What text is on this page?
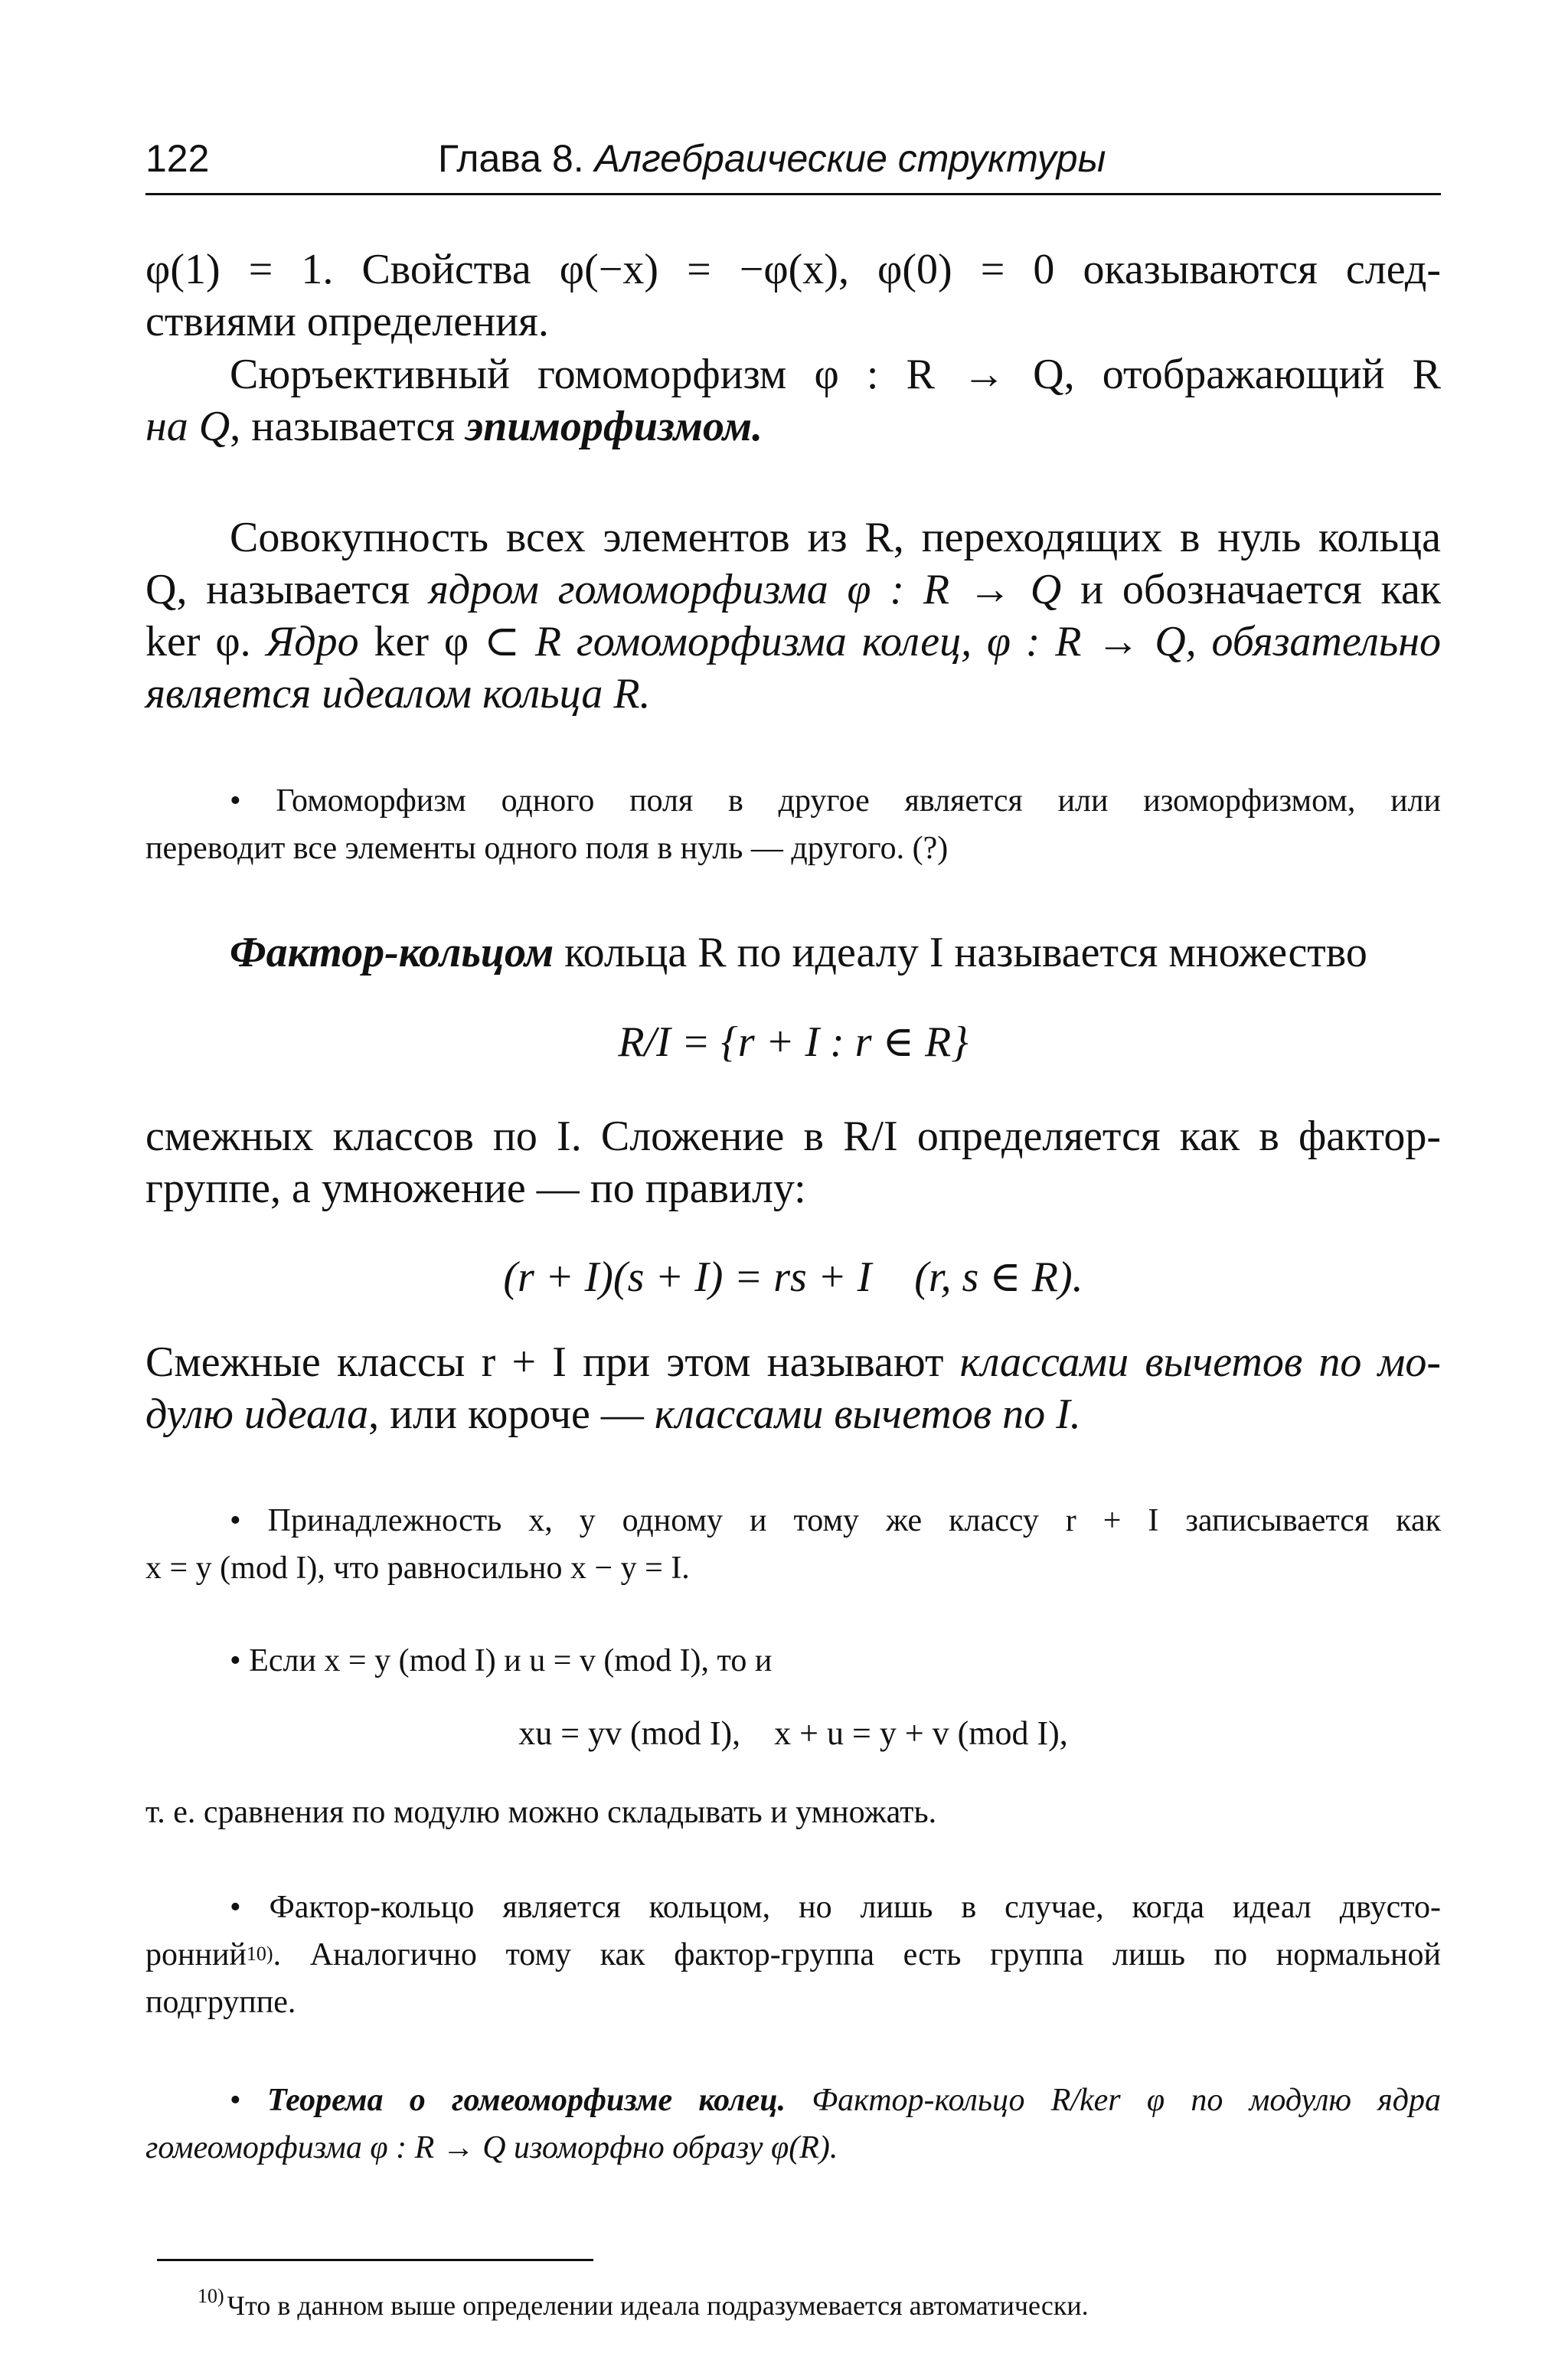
122	Глава 8. Алгебраические структуры
φ(1) = 1. Свойства φ(−x) = −φ(x), φ(0) = 0 оказываются след-
ствиями определения.
Сюръективный гомоморфизм φ : R → Q, отображающий R
на Q, называется эпиморфизмом.
Совокупность всех элементов из R, переходящих в нуль кольца
Q, называется ядром гомоморфизма φ : R → Q и обозначается как
ker φ. Ядро ker φ ⊂ R гомоморфизма колец, φ : R → Q, обязательно
является идеалом кольца R.
• Гомоморфизм одного поля в другое является или изоморфизмом, или
переводит все элементы одного поля в нуль — другого. (?)
Фактор-кольцом кольца R по идеалу I называется множество
R/I = {r + I : r ∈ R}
смежных классов по I. Сложение в R/I определяется как в фактор-
группе, а умножение — по правилу:
(r + I)(s + I) = rs + I    (r, s ∈ R).
Смежные классы r + I при этом называют классами вычетов по мо-
дулю идеала, или короче — классами вычетов по I.
• Принадлежность x, y одному и тому же классу r + I записывается как
x = y (mod I), что равносильно x − y = I.
• Если x = y (mod I) и u = v (mod I), то и
xu = yv (mod I),    x + u = y + v (mod I),
т. е. сравнения по модулю можно складывать и умножать.
• Фактор-кольцо является кольцом, но лишь в случае, когда идеал двусто-
ронний$^{10)}$. Аналогично тому как фактор-группа есть группа лишь по нормальной
подгруппе.
• Теорема о гомеоморфизме колец. Фактор-кольцо R/ker φ по модулю ядра
гомеоморфизма φ : R → Q изоморфно образу φ(R).
$^{10)}$ Что в данном выше определении идеала подразумевается автоматически.
